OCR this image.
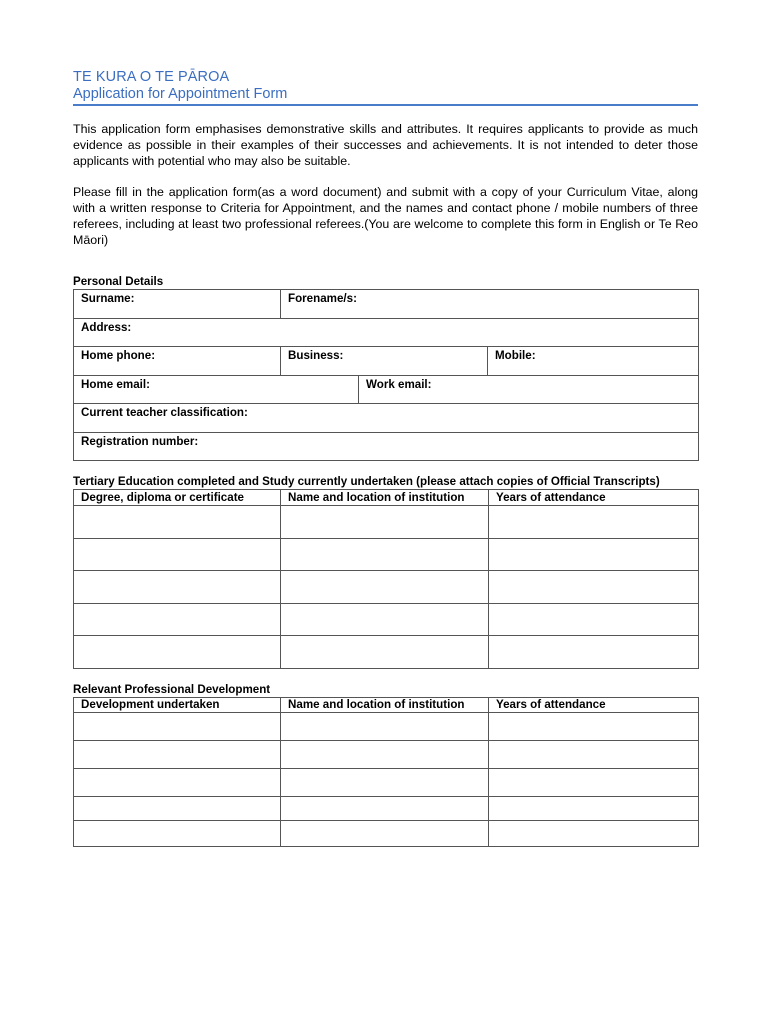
TE KURA O TE PĀROA
Application for Appointment Form

This application form emphasises demonstrative skills and attributes. It requires applicants to provide as much evidence as possible in their examples of their successes and achievements. It is not intended to deter those applicants with potential who may also be suitable.

Please fill in the application form(as a word document) and submit with a copy of your Curriculum Vitae, along with a written response to Criteria for Appointment, and the names and contact phone / mobile numbers of three referees, including at least two professional referees.(You are welcome to complete this form in English or Te Reo Māori)

Personal Details
Surname:	Forename/s:		
Address:			
Home phone:	Business:		Mobile:
Home email:		Work email:	
Current teacher classification:			
Registration number:			
Tertiary Education completed and Study currently undertaken (please attach copies of Official Transcripts)
Degree, diploma or certificate	Name and location of institution	Years of attendance

Relevant Professional Development
Development undertaken	Name and location of institution	Years of attendance
